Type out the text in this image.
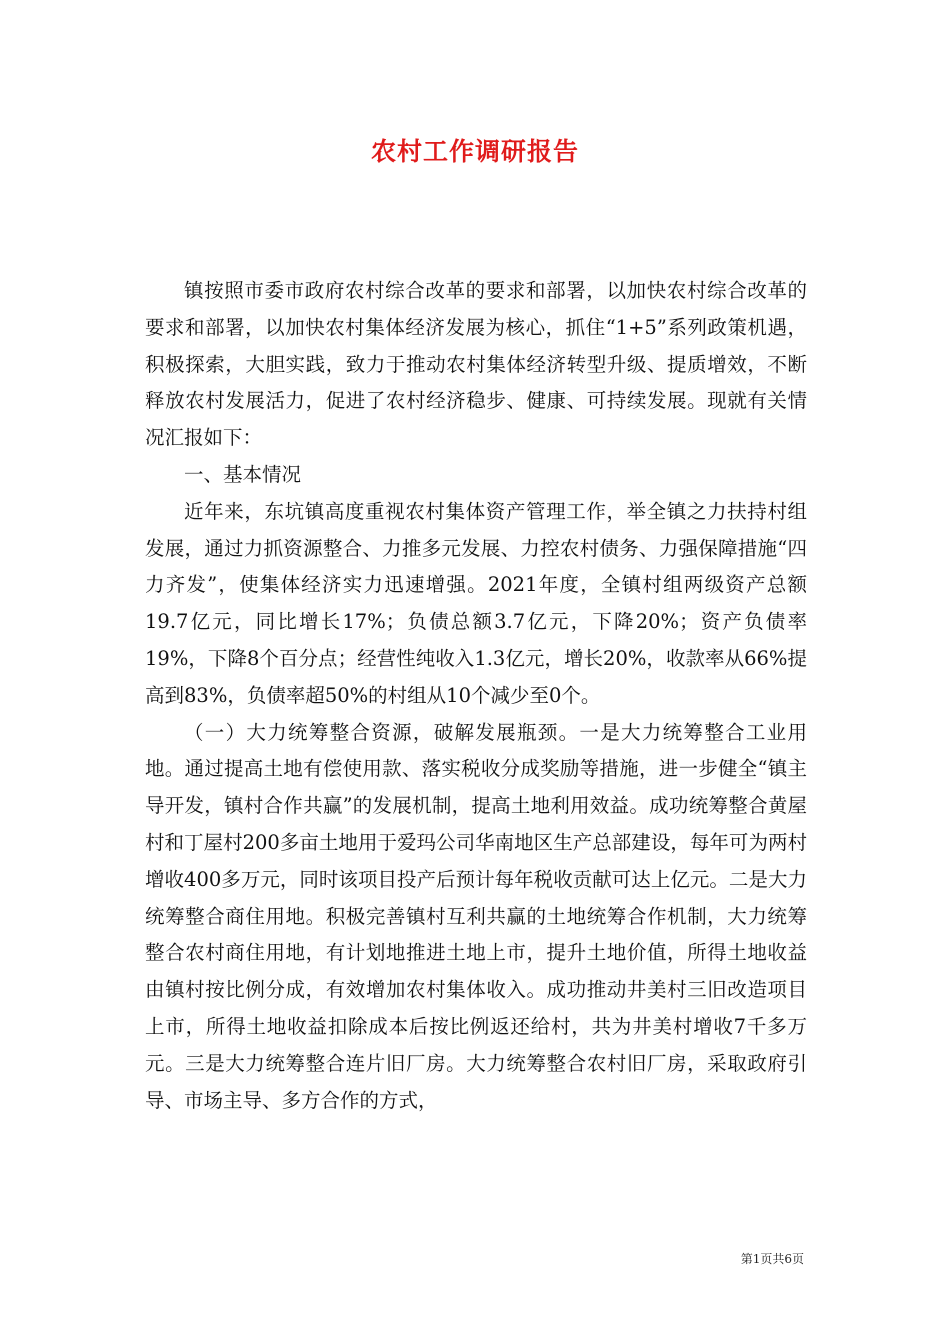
农村工作调研报告

镇按照市委市政府农村综合改革的要求和部署，以加快农村综合改革的要求和部署，以加快农村集体经济发展为核心，抓住“1+5”系列政策机遇，积极探索，大胆实践，致力于推动农村集体经济转型升级、提质增效，不断释放农村发展活力，促进了农村经济稳步、健康、可持续发展。现就有关情况汇报如下：

一、基本情况

近年来，东坑镇高度重视农村集体资产管理工作，举全镇之力扶持村组发展，通过力抓资源整合、力推多元发展、力控农村债务、力强保障措施“四力齐发”，使集体经济实力迅速增强。2021年度，全镇村组两级资产总额19.7亿元，同比增长17%；负债总额3.7亿元，下降20%；资产负债率19%，下降8个百分点；经营性纯收入1.3亿元，增长20%，收款率从66%提高到83%，负债率超50%的村组从10个减少至0个。

（一）大力统筹整合资源，破解发展瓶颈。一是大力统筹整合工业用地。通过提高土地有偿使用款、落实税收分成奖励等措施，进一步健全“镇主导开发，镇村合作共赢”的发展机制，提高土地利用效益。成功统筹整合黄屋村和丁屋村200多亩土地用于爱玛公司华南地区生产总部建设，每年可为两村增收400多万元，同时该项目投产后预计每年税收贡献可达上亿元。二是大力统筹整合商住用地。积极完善镇村互利共赢的土地统筹合作机制，大力统筹整合农村商住用地，有计划地推进土地上市，提升土地价值，所得土地收益由镇村按比例分成，有效增加农村集体收入。成功推动井美村三旧改造项目上市，所得土地收益扣除成本后按比例返还给村，共为井美村增收7千多万元。三是大力统筹整合连片旧厂房。大力统筹整合农村旧厂房，采取政府引导、市场主导、多方合作的方式，

第1页共6页
